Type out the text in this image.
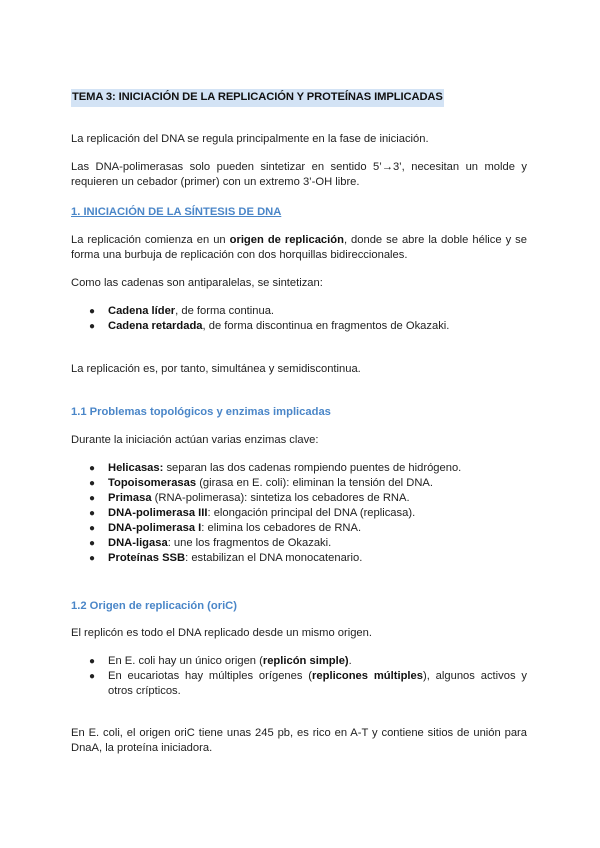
TEMA 3: INICIACIÓN DE LA REPLICACIÓN Y PROTEÍNAS IMPLICADAS

La replicación del DNA se regula principalmente en la fase de iniciación.

Las DNA-polimerasas solo pueden sintetizar en sentido 5’→3’, necesitan un molde y requieren un cebador (primer) con un extremo 3’-OH libre.

1. INICIACIÓN DE LA SÍNTESIS DE DNA

La replicación comienza en un origen de replicación, donde se abre la doble hélice y se forma una burbuja de replicación con dos horquillas bidireccionales.

Como las cadenas son antiparalelas, se sintetizan:

● Cadena líder, de forma continua.
● Cadena retardada, de forma discontinua en fragmentos de Okazaki.

La replicación es, por tanto, simultánea y semidiscontinua.

1.1 Problemas topológicos y enzimas implicadas

Durante la iniciación actúan varias enzimas clave:

● Helicasas: separan las dos cadenas rompiendo puentes de hidrógeno.
● Topoisomerasas (girasa en E. coli): eliminan la tensión del DNA.
● Primasa (RNA-polimerasa): sintetiza los cebadores de RNA.
● DNA-polimerasa III: elongación principal del DNA (replicasa).
● DNA-polimerasa I: elimina los cebadores de RNA.
● DNA-ligasa: une los fragmentos de Okazaki.
● Proteínas SSB: estabilizan el DNA monocatenario.
1.2 Origen de replicación (oriC)

El replicón es todo el DNA replicado desde un mismo origen.

● En E. coli hay un único origen (replicón simple).
● En eucariotas hay múltiples orígenes (replicones múltiples), algunos activos y otros crípticos.

En E. coli, el origen oriC tiene unas 245 pb, es rico en A-T y contiene sitios de unión para DnaA, la proteína iniciadora.
